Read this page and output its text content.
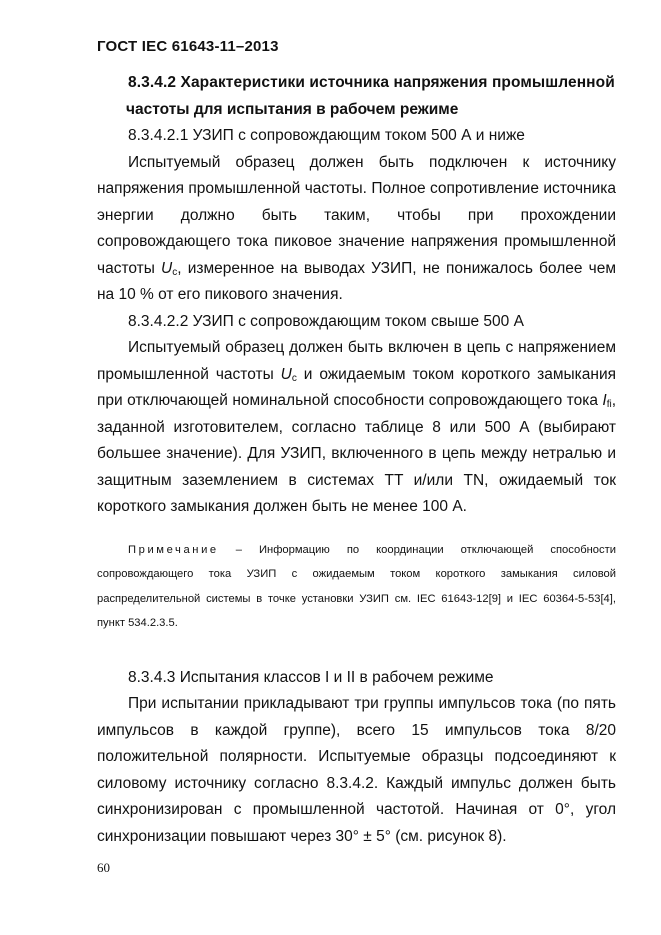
ГОСТ IEC 61643-11–2013

8.3.4.2 Характеристики источника напряжения промышленной

частоты для испытания в рабочем режиме

8.3.4.2.1 УЗИП с сопровождающим током 500 А и ниже

Испытуемый образец должен быть подключен к источнику напряжения промышленной частоты. Полное сопротивление источника энергии должно быть таким, чтобы при прохождении сопровождающего тока пиковое значение напряжения промышленной частоты $U_c$, измеренное на выводах УЗИП, не понижалось более чем на 10 % от его пикового значения.

8.3.4.2.2 УЗИП с сопровождающим током свыше 500 А

Испытуемый образец должен быть включен в цепь с напряжением промышленной частоты $U_c$ и ожидаемым током короткого замыкания при отключающей номинальной способности сопровождающего тока $I_{fi}$, заданной изготовителем, согласно таблице 8 или 500 А (выбирают большее значение). Для УЗИП, включенного в цепь между нетралью и защитным заземлением в системах TT и/или TN, ожидаемый ток короткого замыкания должен быть не менее 100 А.

Примечание – Информацию по координации отключающей способности сопровождающего тока УЗИП с ожидаемым током короткого замыкания силовой распределительной системы в точке установки УЗИП см. IEC 61643-12[9] и IEC 60364-5-53[4], пункт 534.2.3.5.

8.3.4.3 Испытания классов I и II в рабочем режиме

При испытании прикладывают три группы импульсов тока (по пять импульсов в каждой группе), всего 15 импульсов тока 8/20 положительной полярности. Испытуемые образцы подсоединяют к силовому источнику согласно 8.3.4.2. Каждый импульс должен быть синхронизирован с промышленной частотой. Начиная от 0°, угол синхронизации повышают через 30° ± 5° (см. рисунок 8).

60
